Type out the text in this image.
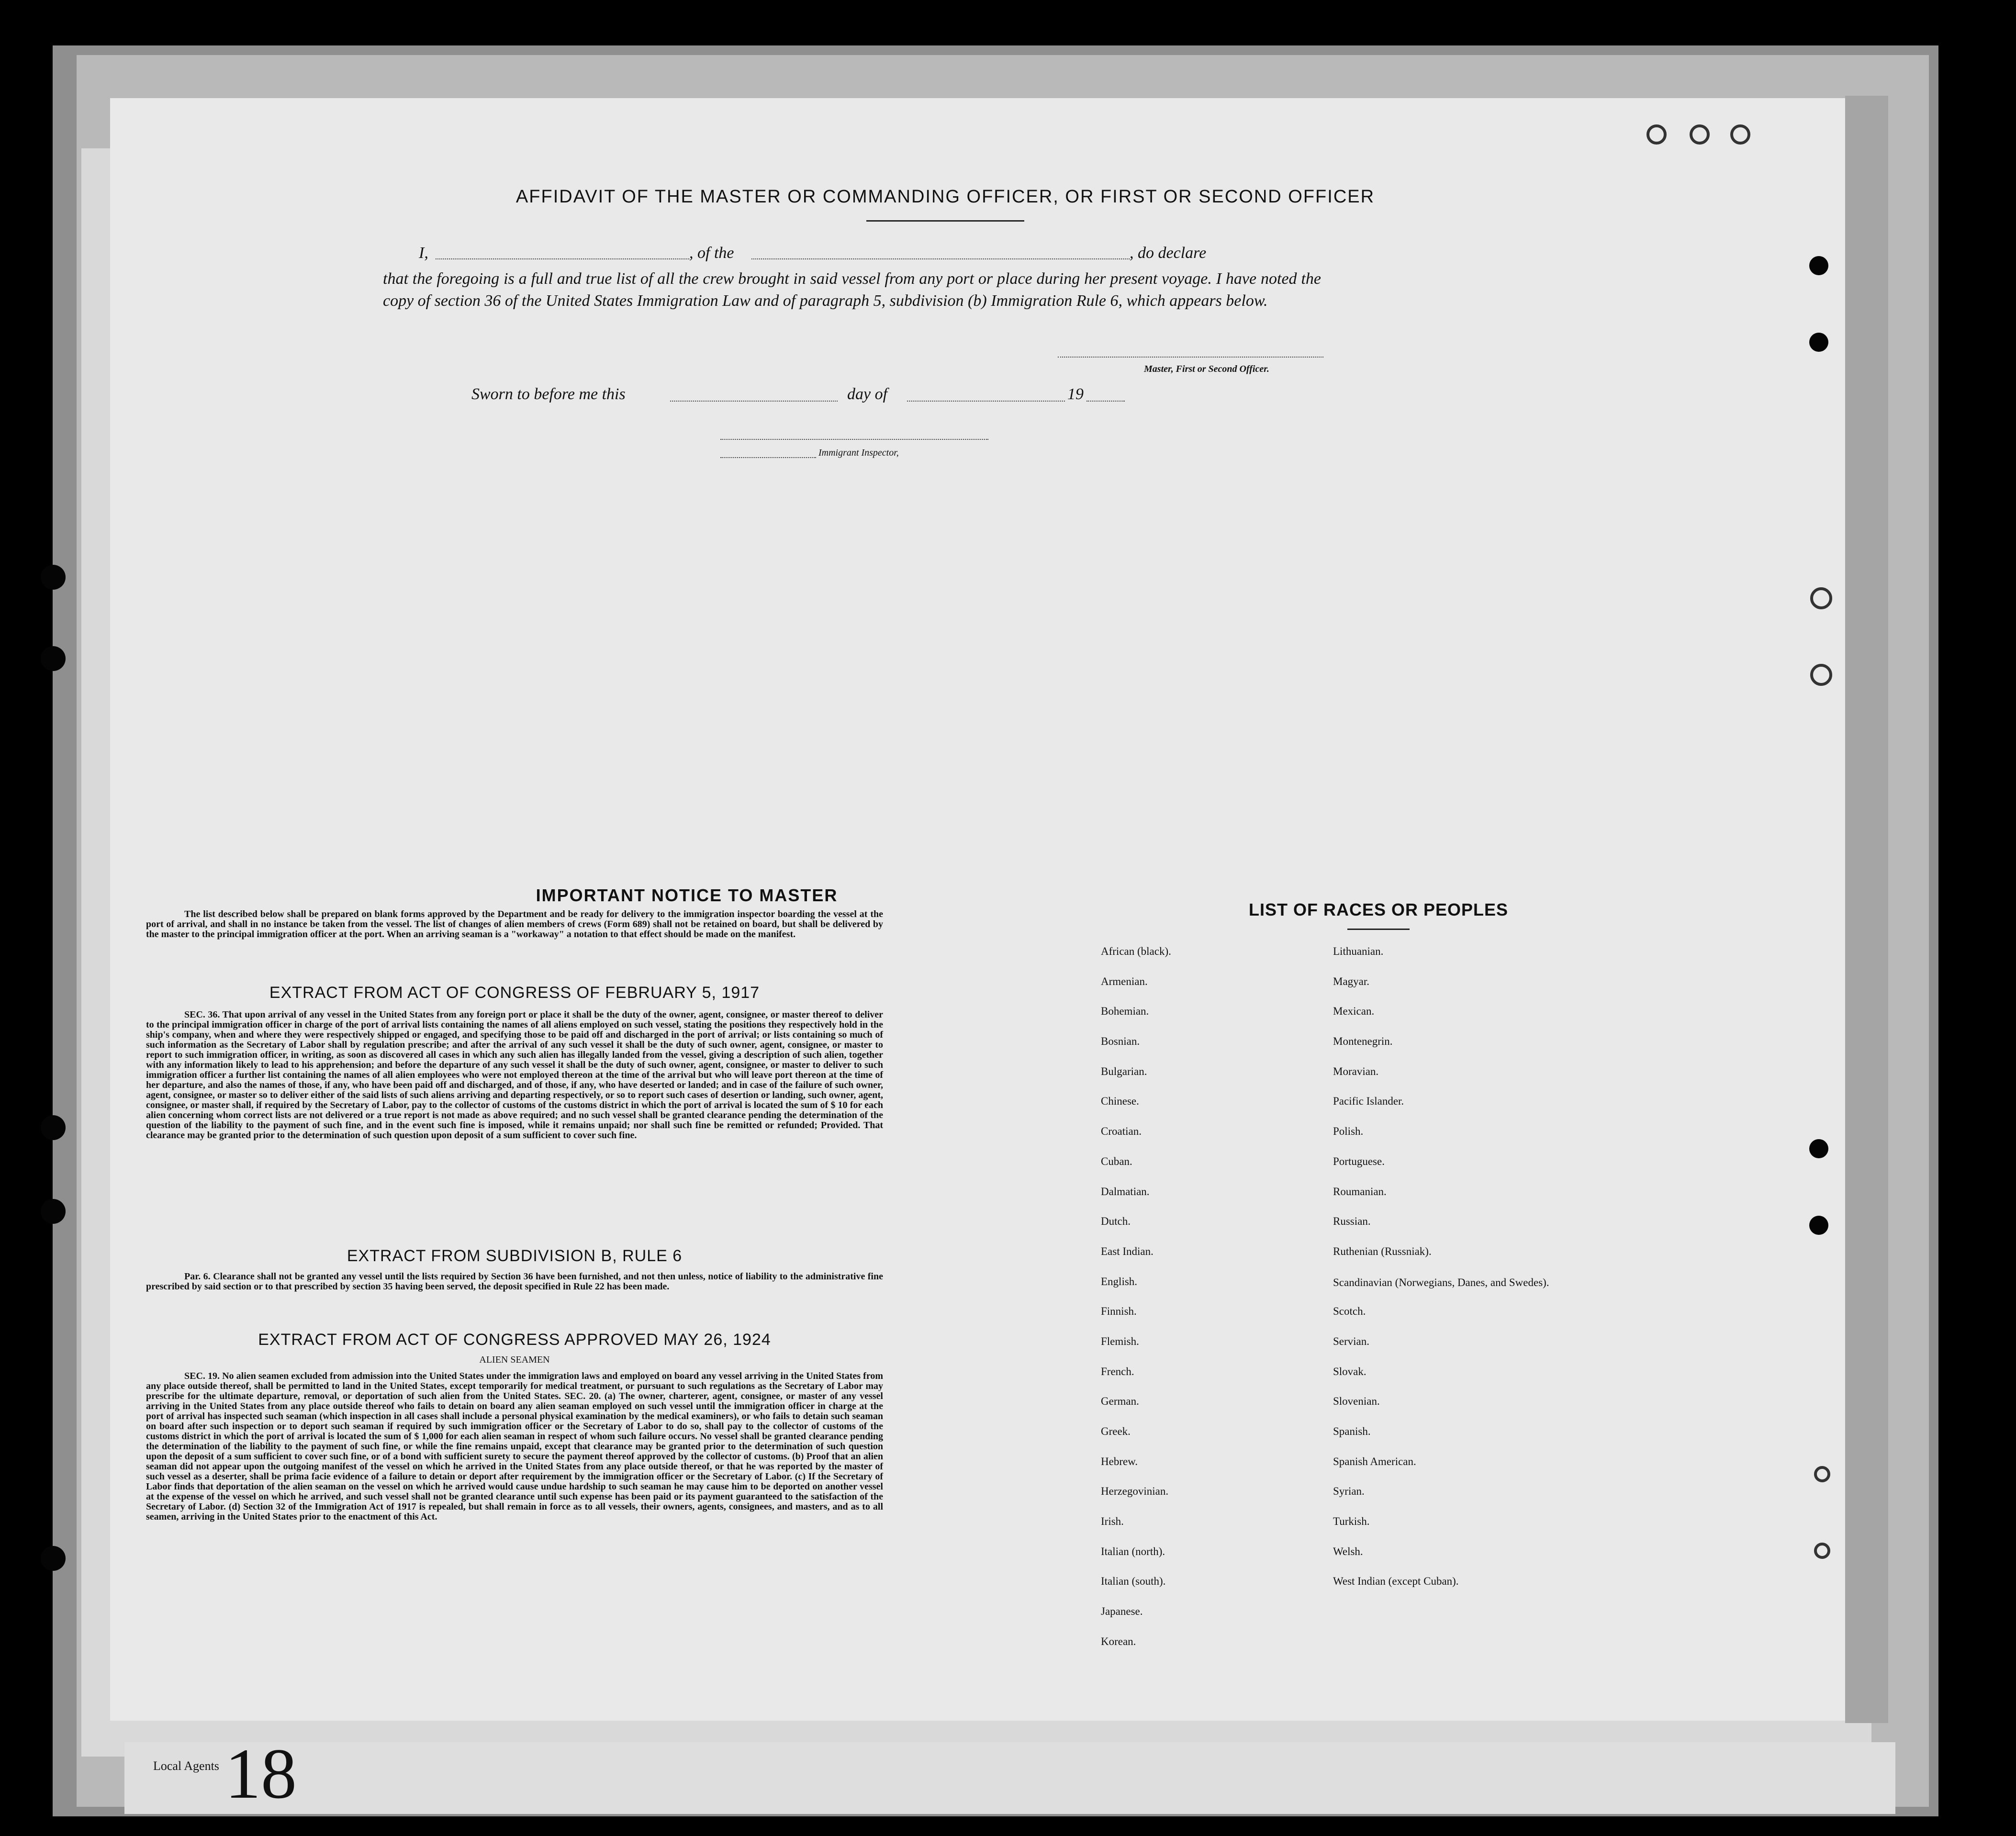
Local Agents 18
AFFIDAVIT OF THE MASTER OR COMMANDING OFFICER, OR FIRST OR SECOND OFFICER
I,	, of the	, do declare
that the foregoing is a full and true list of all the crew brought in said vessel from any port or place during her present voyage. I have noted the copy of section 36 of the United States Immigration Law and of paragraph 5, subdivision (b) Immigration Rule 6, which appears below.
Master, First or Second Officer.
Sworn to before me this	day of	19
Immigrant Inspector,
IMPORTANT NOTICE TO MASTER
The list described below shall be prepared on blank forms approved by the Department and be ready for delivery to the immigration inspector boarding the vessel at the port of arrival, and shall in no instance be taken from the vessel. The list of changes of alien members of crews (Form 689) shall not be retained on board, but shall be delivered by the master to the principal immigration officer at the port. When an arriving seaman is a "workaway" a notation to that effect should be made on the manifest.
EXTRACT FROM ACT OF CONGRESS OF FEBRUARY 5, 1917
SEC. 36. That upon arrival of any vessel in the United States from any foreign port or place it shall be the duty of the owner, agent, consignee, or master thereof to deliver to the principal immigration officer in charge of the port of arrival lists containing the names of all aliens employed on such vessel, stating the positions they respectively hold in the ship's company, when and where they were respectively shipped or engaged, and specifying those to be paid off and discharged in the port of arrival; or lists containing so much of such information as the Secretary of Labor shall by regulation prescribe; and after the arrival of any such vessel it shall be the duty of such owner, agent, consignee, or master to report to such immigration officer, in writing, as soon as discovered all cases in which any such alien has illegally landed from the vessel, giving a description of such alien, together with any information likely to lead to his apprehension; and before the departure of any such vessel it shall be the duty of such owner, agent, consignee, or master to deliver to such immigration officer a further list containing the names of all alien employees who were not employed thereon at the time of the arrival but who will leave port thereon at the time of her departure, and also the names of those, if any, who have been paid off and discharged, and of those, if any, who have deserted or landed; and in case of the failure of such owner, agent, consignee, or master so to deliver either of the said lists of such aliens arriving and departing respectively, or so to report such cases of desertion or landing, such owner, agent, consignee, or master shall, if required by the Secretary of Labor, pay to the collector of customs of the customs district in which the port of arrival is located the sum of $ 10 for each alien concerning whom correct lists are not delivered or a true report is not made as above required; and no such vessel shall be granted clearance pending the determination of the question of the liability to the payment of such fine, and in the event such fine is imposed, while it remains unpaid; nor shall such fine be remitted or refunded; Provided. That clearance may be granted prior to the determination of such question upon deposit of a sum sufficient to cover such fine.
EXTRACT FROM SUBDIVISION B, RULE 6
Par. 6. Clearance shall not be granted any vessel until the lists required by Section 36 have been furnished, and not then unless, notice of liability to the administrative fine prescribed by said section or to that prescribed by section 35 having been served, the deposit specified in Rule 22 has been made.
EXTRACT FROM ACT OF CONGRESS APPROVED MAY 26, 1924
ALIEN SEAMEN
SEC. 19. No alien seamen excluded from admission into the United States under the immigration laws and employed on board any vessel arriving in the United States from any place outside thereof, shall be permitted to land in the United States, except temporarily for medical treatment, or pursuant to such regulations as the Secretary of Labor may prescribe for the ultimate departure, removal, or deportation of such alien from the United States. SEC. 20. (a) The owner, charterer, agent, consignee, or master of any vessel arriving in the United States from any place outside thereof who fails to detain on board any alien seaman employed on such vessel until the immigration officer in charge at the port of arrival has inspected such seaman (which inspection in all cases shall include a personal physical examination by the medical examiners), or who fails to detain such seaman on board after such inspection or to deport such seaman if required by such immigration officer or the Secretary of Labor to do so, shall pay to the collector of customs of the customs district in which the port of arrival is located the sum of $ 1,000 for each alien seaman in respect of whom such failure occurs. No vessel shall be granted clearance pending the determination of the liability to the payment of such fine, or while the fine remains unpaid, except that clearance may be granted prior to the determination of such question upon the deposit of a sum sufficient to cover such fine, or of a bond with sufficient surety to secure the payment thereof approved by the collector of customs. (b) Proof that an alien seaman did not appear upon the outgoing manifest of the vessel on which he arrived in the United States from any place outside thereof, or that he was reported by the master of such vessel as a deserter, shall be prima facie evidence of a failure to detain or deport after requirement by the immigration officer or the Secretary of Labor. (c) If the Secretary of Labor finds that deportation of the alien seaman on the vessel on which he arrived would cause undue hardship to such seaman he may cause him to be deported on another vessel at the expense of the vessel on which he arrived, and such vessel shall not be granted clearance until such expense has been paid or its payment guaranteed to the satisfaction of the Secretary of Labor. (d) Section 32 of the Immigration Act of 1917 is repealed, but shall remain in force as to all vessels, their owners, agents, consignees, and masters, and as to all seamen, arriving in the United States prior to the enactment of this Act.
LIST OF RACES OR PEOPLES
African (black).
Armenian.
Bohemian.
Bosnian.
Bulgarian.
Chinese.
Croatian.
Cuban.
Dalmatian.
Dutch.
East Indian.
English.
Finnish.
Flemish.
French.
German.
Greek.
Hebrew.
Herzegovinian.
Irish.
Italian (north).
Italian (south).
Japanese.
Korean.
Lithuanian.
Magyar.
Mexican.
Montenegrin.
Moravian.
Pacific Islander.
Polish.
Portuguese.
Roumanian.
Russian.
Ruthenian (Russniak).
Scandinavian (Norwegians, Danes, and Swedes).
Scotch.
Servian.
Slovak.
Slovenian.
Spanish.
Spanish American.
Syrian.
Turkish.
Welsh.
West Indian (except Cuban).
